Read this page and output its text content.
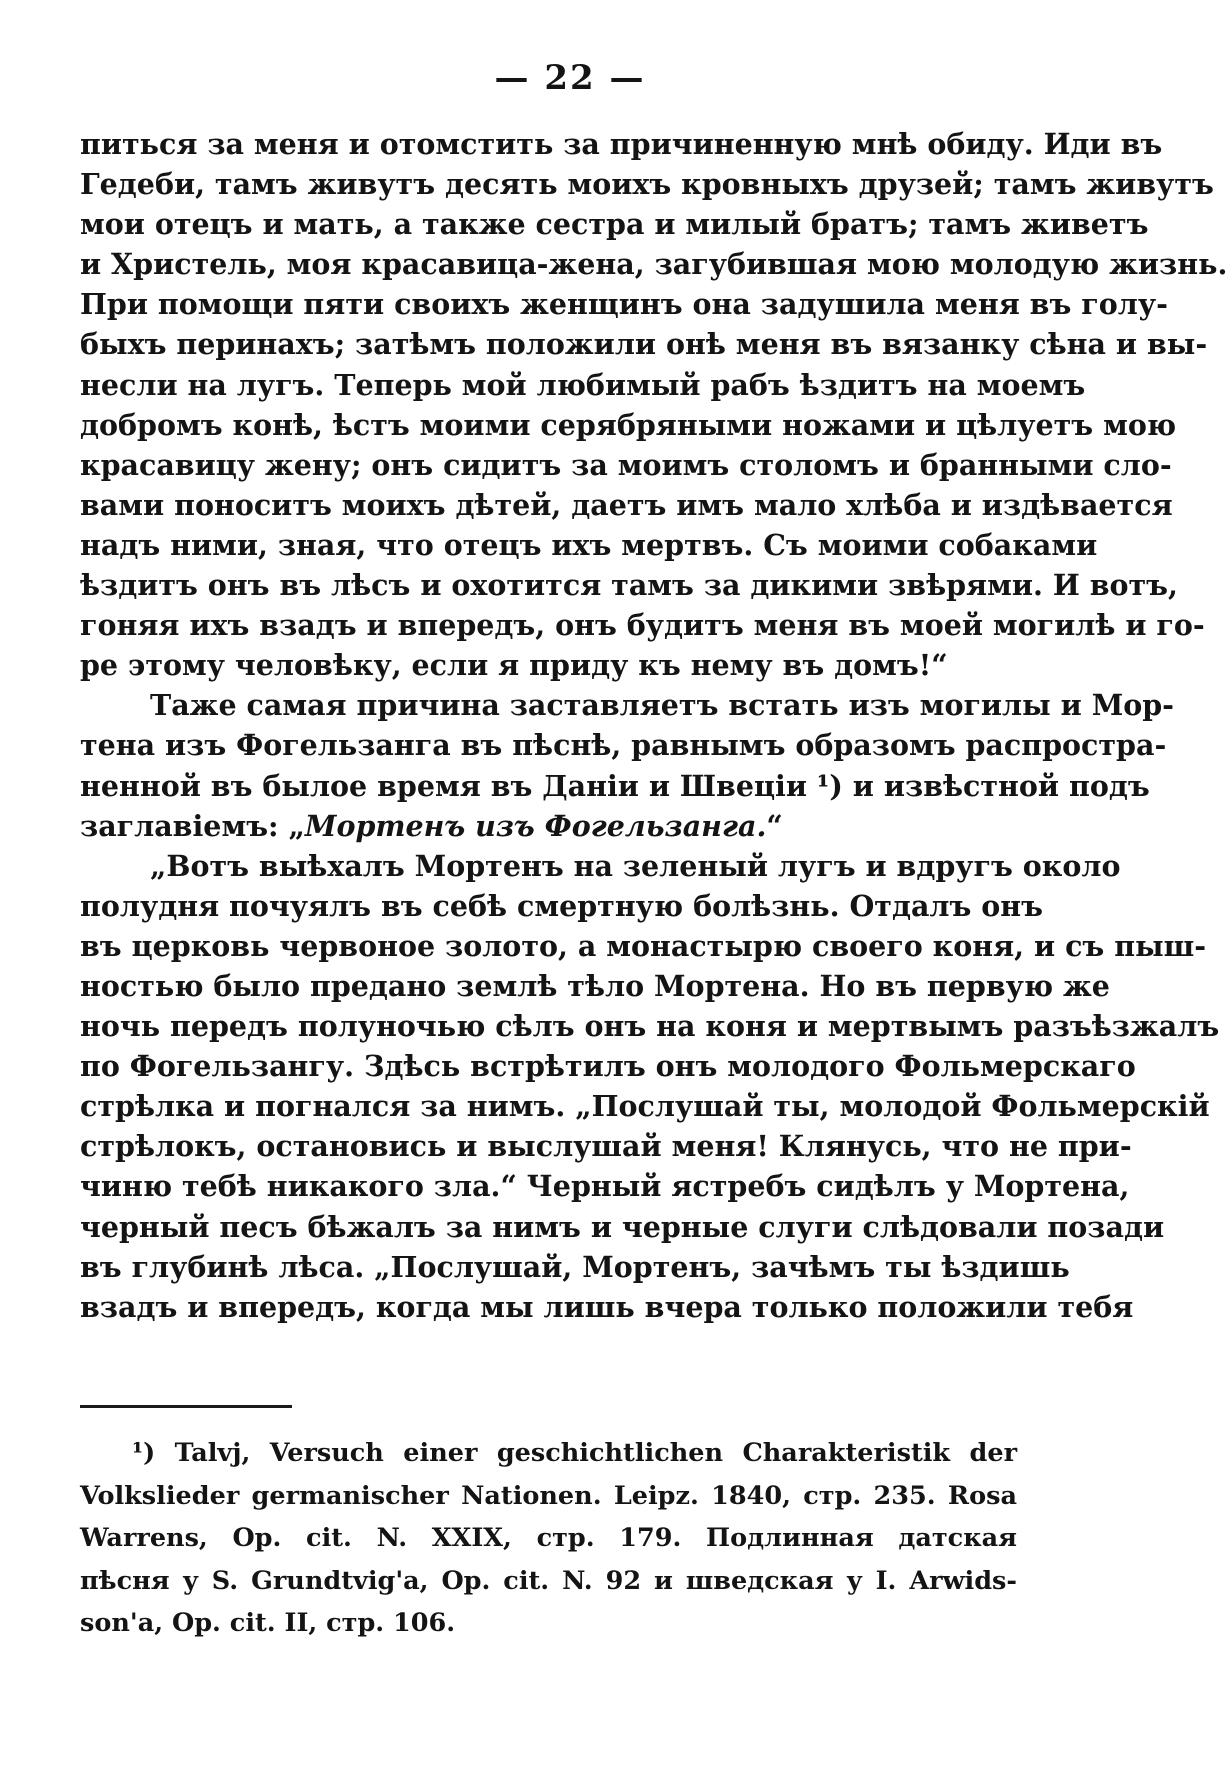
— 22 —
питься за меня и отомстить за причиненную мнѣ обиду. Иди въ
Гедеби, тамъ живутъ десять моихъ кровныхъ друзей; тамъ живутъ
мои отецъ и мать, а также сестра и милый братъ; тамъ живетъ
и Христель, моя красавица-жена, загубившая мою молодую жизнь.
При помощи пяти своихъ женщинъ она задушила меня въ голу-
быхъ перинахъ; затѣмъ положили онѣ меня въ вязанку сѣна и вы-
несли на лугъ. Теперь мой любимый рабъ ѣздитъ на моемъ
добромъ конѣ, ѣстъ моими серябряными ножами и цѣлуетъ мою
красавицу жену; онъ сидитъ за моимъ столомъ и бранными сло-
вами поноситъ моихъ дѣтей, даетъ имъ мало хлѣба и издѣвается
надъ ними, зная, что отецъ ихъ мертвъ. Съ моими собаками
ѣздитъ онъ въ лѣсъ и охотится тамъ за дикими звѣрями. И вотъ,
гоняя ихъ взадъ и впередъ, онъ будитъ меня въ моей могилѣ и го-
ре этому человѣку, если я приду къ нему въ домъ!“
Таже самая причина заставляетъ встать изъ могилы и Мор-
тена изъ Фогельзанга въ пѣснѣ, равнымъ образомъ распростра-
ненной въ былое время въ Даніи и Швеціи ¹) и извѣстной подъ
заглавіемъ: „Мортенъ изъ Фогельзанга.“
„Вотъ выѣхалъ Мортенъ на зеленый лугъ и вдругъ около
полудня почуялъ въ себѣ смертную болѣзнь. Отдалъ онъ
въ церковь червоное золото, а монастырю своего коня, и съ пыш-
ностью было предано землѣ тѣло Мортена. Но въ первую же
ночь передъ полуночью сѣлъ онъ на коня и мертвымъ разъѣзжалъ
по Фогельзангу. Здѣсь встрѣтилъ онъ молодого Фольмерскаго
стрѣлка и погнался за нимъ. „Послушай ты, молодой Фольмерскій
стрѣлокъ, остановись и выслушай меня! Клянусь, что не при-
чиню тебѣ никакого зла.“ Черный ястребъ сидѣлъ у Мортена,
черный песъ бѣжалъ за нимъ и черные слуги слѣдовали позади
въ глубинѣ лѣса. „Послушай, Мортенъ, зачѣмъ ты ѣздишь
взадъ и впередъ, когда мы лишь вчера только положили тебя
¹) Talvj, Versuch einer geschichtlichen Charakteristik der
Volkslieder germanischer Nationen. Leipz. 1840, стр. 235. Rosa
Warrens, Op. cit. N. XXIX, стр. 179. Подлинная датская
пѣсня у S. Grundtvig'a, Op. cit. N. 92 и шведская у I. Arwids-
son'a, Op. cit. II, стр. 106.
